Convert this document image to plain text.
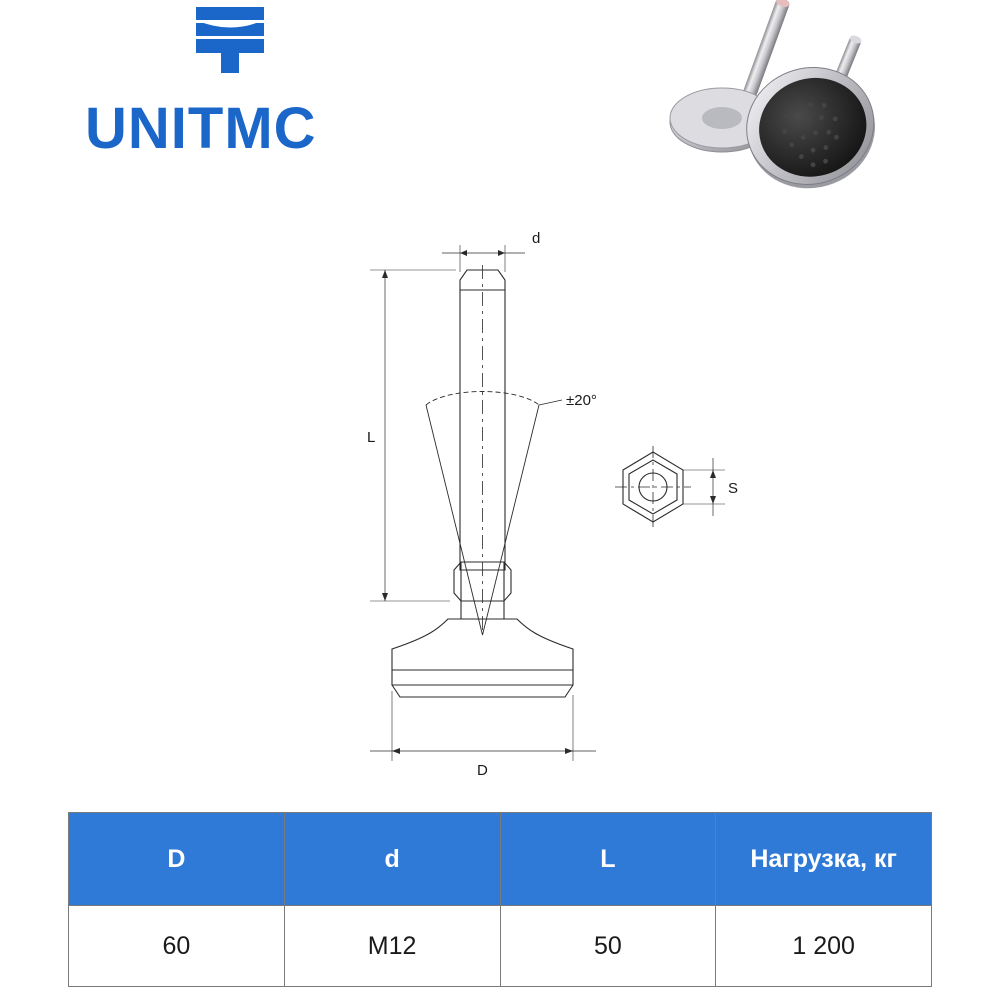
UNITMC
d
L
D
S
±20°
D	d	L	Нагрузка, кг
60	M12	50	1 200
